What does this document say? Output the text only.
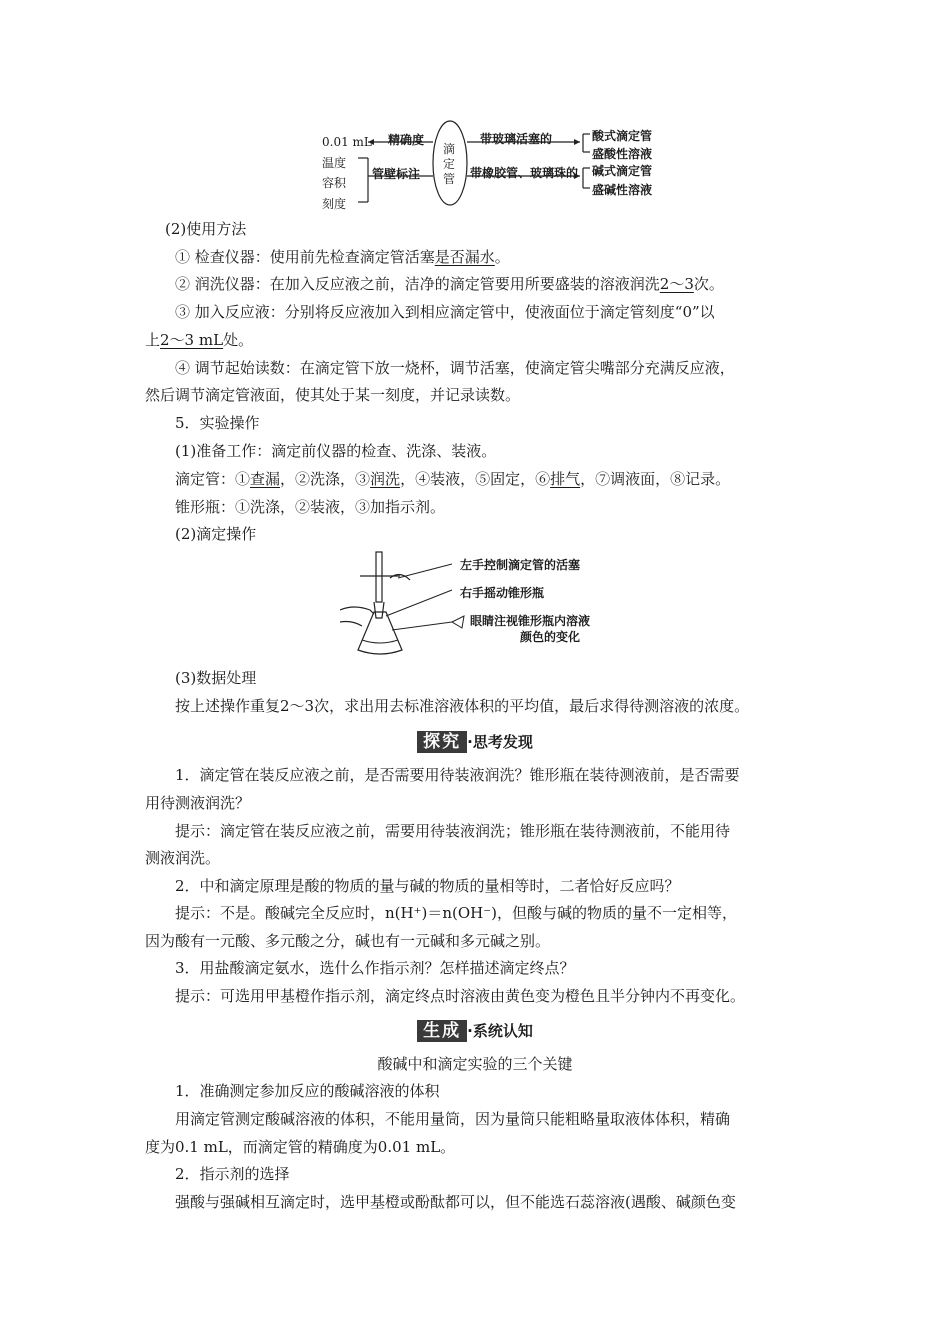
0.01 mL 精确度
温度
容积
刻度
管壁标注
滴定管
带玻璃活塞的
带橡胶管、玻璃珠的
酸式滴定管
盛酸性溶液
碱式滴定管
盛碱性溶液
(2)使用方法
① 检查仪器：使用前先检查滴定管活塞是否漏水。
② 润洗仪器：在加入反应液之前，洁净的滴定管要用所要盛装的溶液润洗2～3次。
③ 加入反应液：分别将反应液加入到相应滴定管中，使液面位于滴定管刻度“0”以
上2～3 mL处。
④ 调节起始读数：在滴定管下放一烧杯，调节活塞，使滴定管尖嘴部分充满反应液，
然后调节滴定管液面，使其处于某一刻度，并记录读数。
5．实验操作
(1)准备工作：滴定前仪器的检查、洗涤、装液。
滴定管：①查漏，②洗涤，③润洗，④装液，⑤固定，⑥排气，⑦调液面，⑧记录。
锥形瓶：①洗涤，②装液，③加指示剂。
(2)滴定操作
左手控制滴定管的活塞
右手摇动锥形瓶
眼睛注视锥形瓶内溶液
颜色的变化
(3)数据处理
按上述操作重复2～3次，求出用去标准溶液体积的平均值，最后求得待测溶液的浓度。
探究 ·思考发现
1．滴定管在装反应液之前，是否需要用待装液润洗？锥形瓶在装待测液前，是否需要
用待测液润洗？
提示：滴定管在装反应液之前，需要用待装液润洗；锥形瓶在装待测液前，不能用待
测液润洗。
2．中和滴定原理是酸的物质的量与碱的物质的量相等时，二者恰好反应吗？
提示：不是。酸碱完全反应时，n(H⁺)＝n(OH⁻)，但酸与碱的物质的量不一定相等，
因为酸有一元酸、多元酸之分，碱也有一元碱和多元碱之别。
3．用盐酸滴定氨水，选什么作指示剂？怎样描述滴定终点？
提示：可选用甲基橙作指示剂，滴定终点时溶液由黄色变为橙色且半分钟内不再变化。
生成 ·系统认知
酸碱中和滴定实验的三个关键
1．准确测定参加反应的酸碱溶液的体积
用滴定管测定酸碱溶液的体积，不能用量筒，因为量筒只能粗略量取液体体积，精确
度为0.1 mL，而滴定管的精确度为0.01 mL。
2．指示剂的选择
强酸与强碱相互滴定时，选甲基橙或酚酞都可以，但不能选石蕊溶液(遇酸、碱颜色变
